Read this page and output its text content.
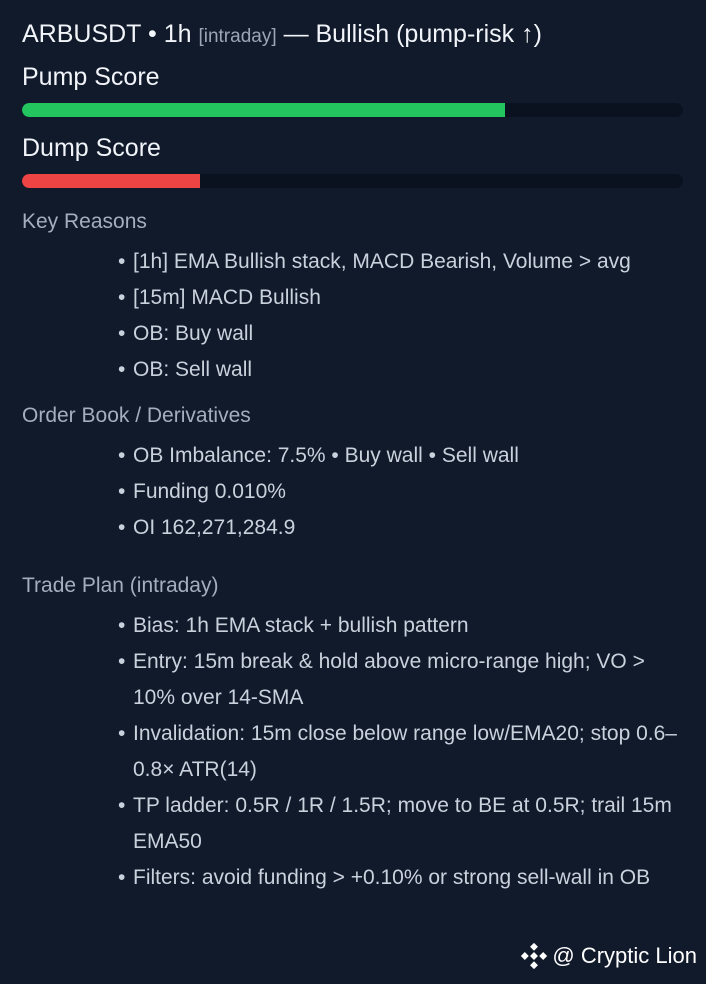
ARBUSDT • 1h [intraday] — Bullish (pump-risk ↑)
Pump Score
Dump Score
Key Reasons
• [1h] EMA Bullish stack, MACD Bearish, Volume > avg
• [15m] MACD Bullish
• OB: Buy wall
• OB: Sell wall
Order Book / Derivatives
• OB Imbalance: 7.5% • Buy wall • Sell wall
• Funding 0.010%
• OI 162,271,284.9
Trade Plan (intraday)
• Bias: 1h EMA stack + bullish pattern
• Entry: 15m break & hold above micro-range high; VO > 10% over 14-SMA
• Invalidation: 15m close below range low/EMA20; stop 0.6–0.8× ATR(14)
• TP ladder: 0.5R / 1R / 1.5R; move to BE at 0.5R; trail 15m EMA50
• Filters: avoid funding > +0.10% or strong sell-wall in OB
@ Cryptic Lion
